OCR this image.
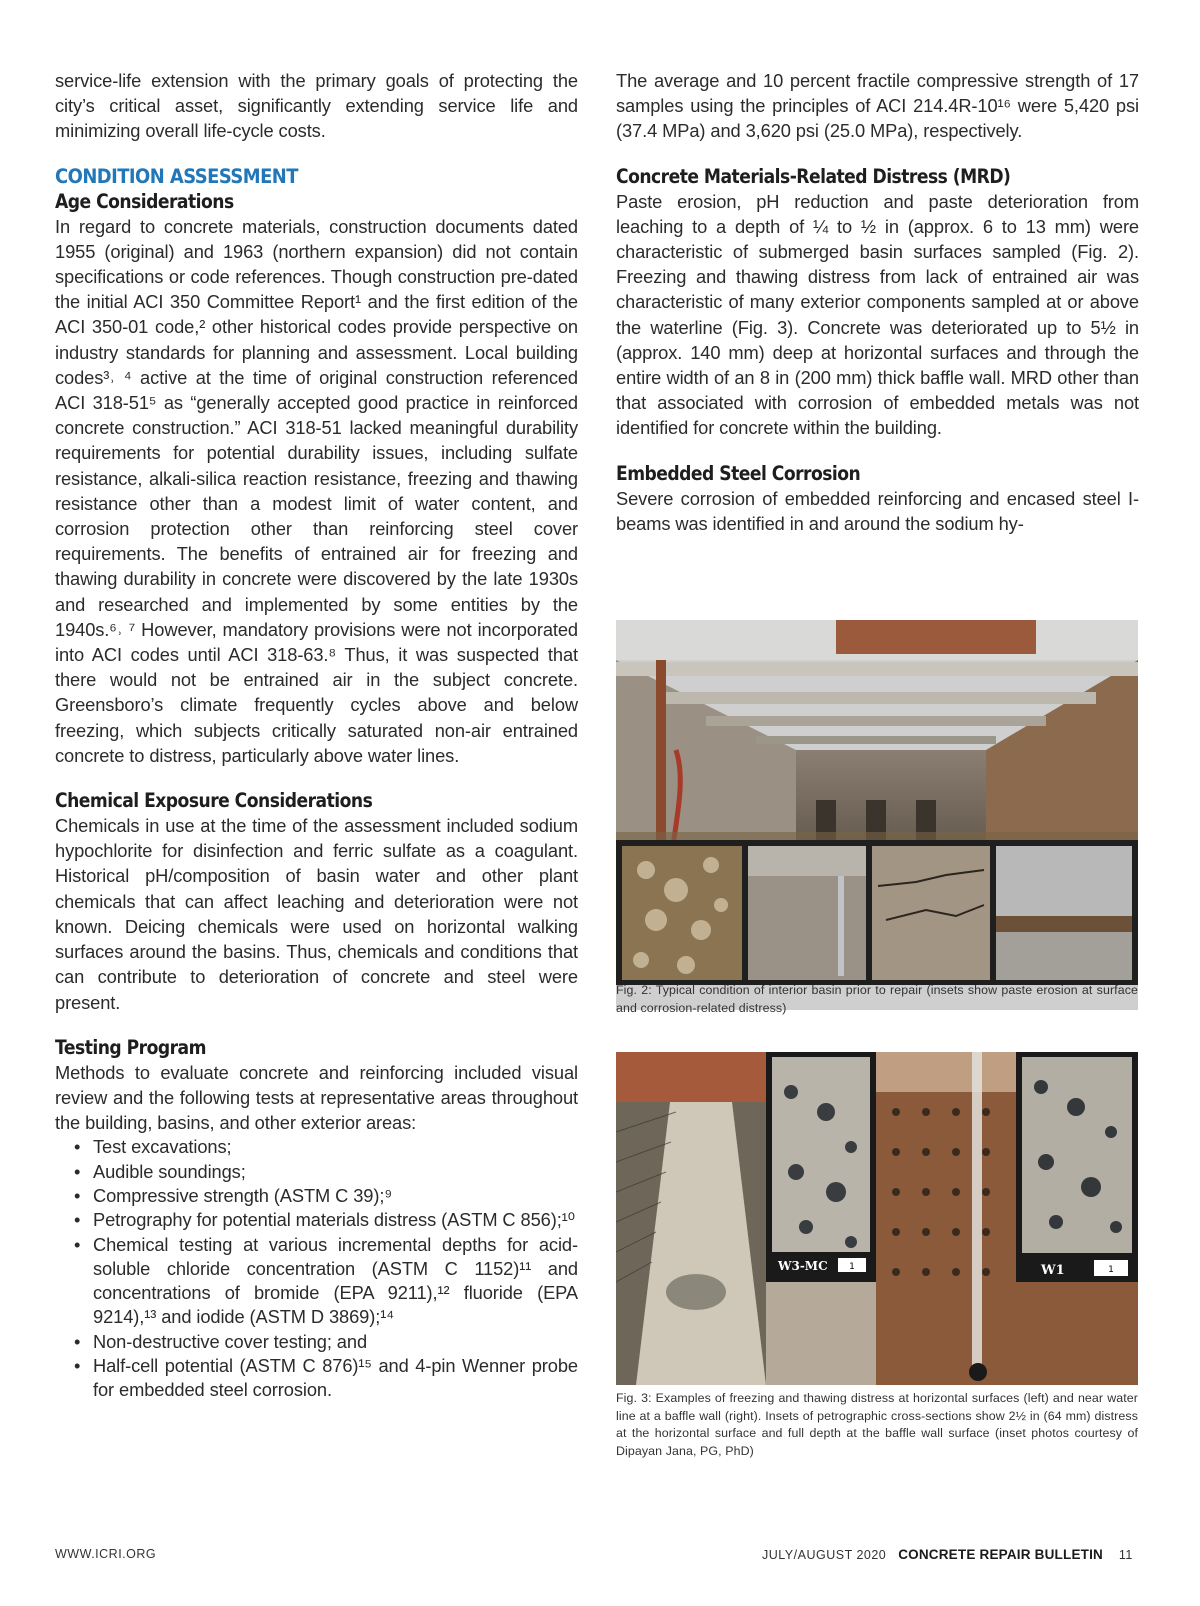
service-life extension with the primary goals of protecting the city’s critical asset, significantly extending service life and minimizing overall life-cycle costs.

CONDITION ASSESSMENT
Age Considerations

In regard to concrete materials, construction documents dated 1955 (original) and 1963 (northern expansion) did not contain specifications or code references. Though construction pre-dated the initial ACI 350 Committee Report¹ and the first edition of the ACI 350-01 code,² other historical codes provide perspective on industry standards for planning and assessment. Local building codes³˒ ⁴ active at the time of original construction referenced ACI 318-51⁵ as “generally accepted good practice in reinforced concrete construction.” ACI 318-51 lacked meaningful durability requirements for potential durability issues, including sulfate resistance, alkali-silica reaction resistance, freezing and thawing resistance other than a modest limit of water content, and corrosion protection other than reinforcing steel cover requirements. The benefits of entrained air for freezing and thawing durability in concrete were discovered by the late 1930s and researched and implemented by some entities by the 1940s.⁶˒ ⁷ However, mandatory provisions were not incorporated into ACI codes until ACI 318-63.⁸ Thus, it was suspected that there would not be entrained air in the subject concrete. Greensboro’s climate frequently cycles above and below freezing, which subjects critically saturated non-air entrained concrete to distress, particularly above water lines.

Chemical Exposure Considerations

Chemicals in use at the time of the assessment included sodium hypochlorite for disinfection and ferric sulfate as a coagulant. Historical pH/composition of basin water and other plant chemicals that can affect leaching and deterioration were not known. Deicing chemicals were used on horizontal walking surfaces around the basins. Thus, chemicals and conditions that can contribute to deterioration of concrete and steel were present.

Testing Program

Methods to evaluate concrete and reinforcing included visual review and the following tests at representative areas throughout the building, basins, and other exterior areas:

• Test excavations;
• Audible soundings;
• Compressive strength (ASTM C 39);⁹
• Petrography for potential materials distress (ASTM C 856);¹⁰
• Chemical testing at various incremental depths for acid-soluble chloride concentration (ASTM C 1152)¹¹ and concentrations of bromide (EPA 9211),¹² fluoride (EPA 9214),¹³ and iodide (ASTM D 3869);¹⁴
• Non-destructive cover testing; and
• Half-cell potential (ASTM C 876)¹⁵ and 4-pin Wenner probe for embedded steel corrosion.

The average and 10 percent fractile compressive strength of 17 samples using the principles of ACI 214.4R-10¹⁶ were 5,420 psi (37.4 MPa) and 3,620 psi (25.0 MPa), respectively.

Concrete Materials-Related Distress (MRD)

Paste erosion, pH reduction and paste deterioration from leaching to a depth of ¼ to ½ in (approx. 6 to 13 mm) were characteristic of submerged basin surfaces sampled (Fig. 2). Freezing and thawing distress from lack of entrained air was characteristic of many exterior components sampled at or above the waterline (Fig. 3). Concrete was deteriorated up to 5½ in (approx. 140 mm) deep at horizontal surfaces and through the entire width of an 8 in (200 mm) thick baffle wall. MRD other than that associated with corrosion of embedded metals was not identified for concrete within the building.

Embedded Steel Corrosion

Severe corrosion of embedded reinforcing and encased steel I-beams was identified in and around the sodium hy-

Fig. 2: Typical condition of interior basin prior to repair (insets show paste erosion at surface and corrosion-related distress)
W3-MC 1	W1	1
Fig. 3: Examples of freezing and thawing distress at horizontal surfaces (left) and near water line at a baffle wall (right). Insets of petrographic cross-sections show 2½ in (64 mm) distress at the horizontal surface and full depth at the baffle wall surface (inset photos courtesy of Dipayan Jana, PG, PhD)
WWW.ICRI.ORG	JULY/AUGUST 2020 CONCRETE REPAIR BULLETIN 11
